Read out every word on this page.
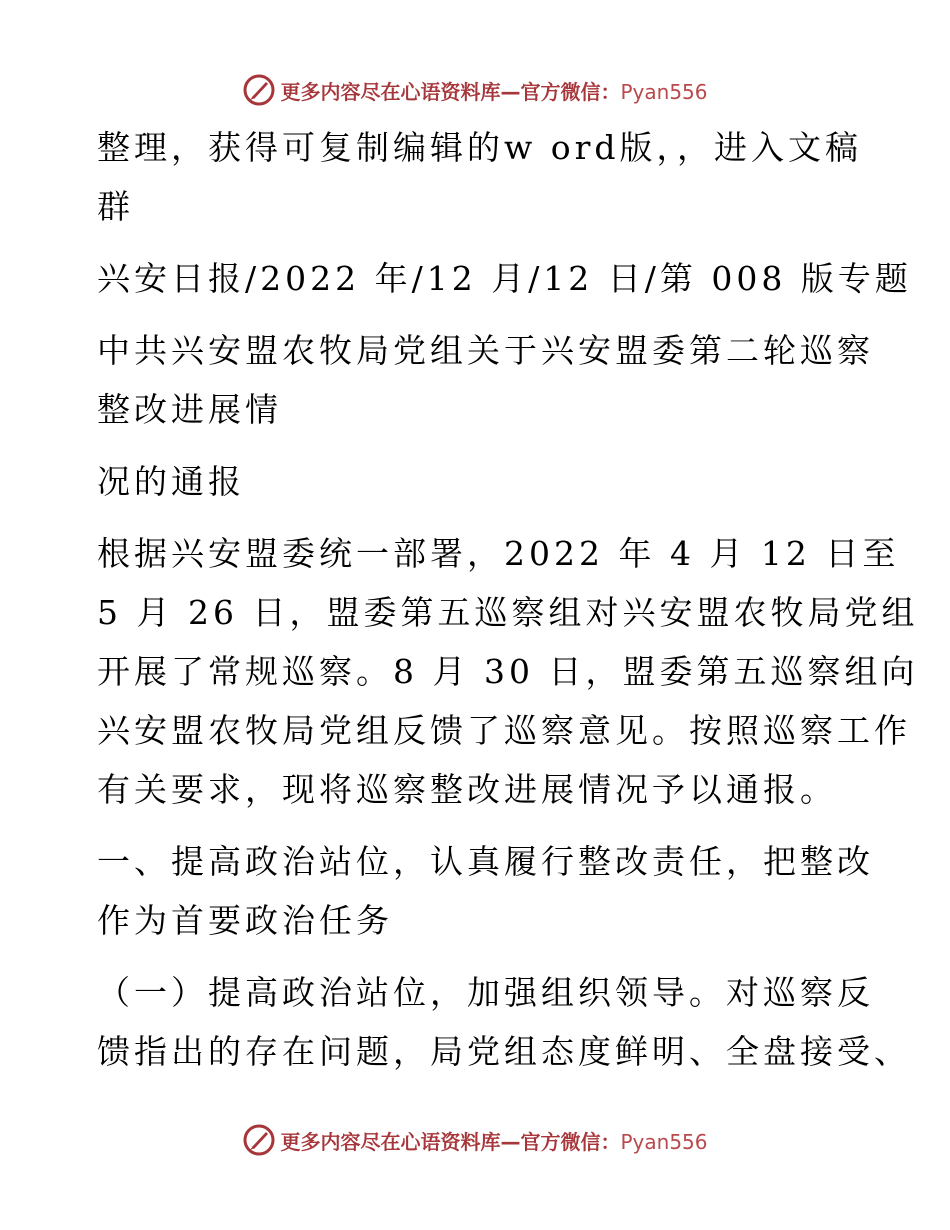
更多内容尽在心语资料库—官方微信：Pyan556
整理，获得可复制编辑的w ord版，，进入文稿
群
兴安日报/2022 年/12 月/12 日/第 008 版专题
中共兴安盟农牧局党组关于兴安盟委第二轮巡察
整改进展情
况的通报
根据兴安盟委统一部署，2022 年 4 月 12 日至
5 月 26 日，盟委第五巡察组对兴安盟农牧局党组
开展了常规巡察。8 月 30 日，盟委第五巡察组向
兴安盟农牧局党组反馈了巡察意见。按照巡察工作
有关要求，现将巡察整改进展情况予以通报。
一、提高政治站位，认真履行整改责任，把整改
作为首要政治任务
（一）提高政治站位，加强组织领导。对巡察反
馈指出的存在问题，局党组态度鲜明、全盘接受、
更多内容尽在心语资料库—官方微信：Pyan556
